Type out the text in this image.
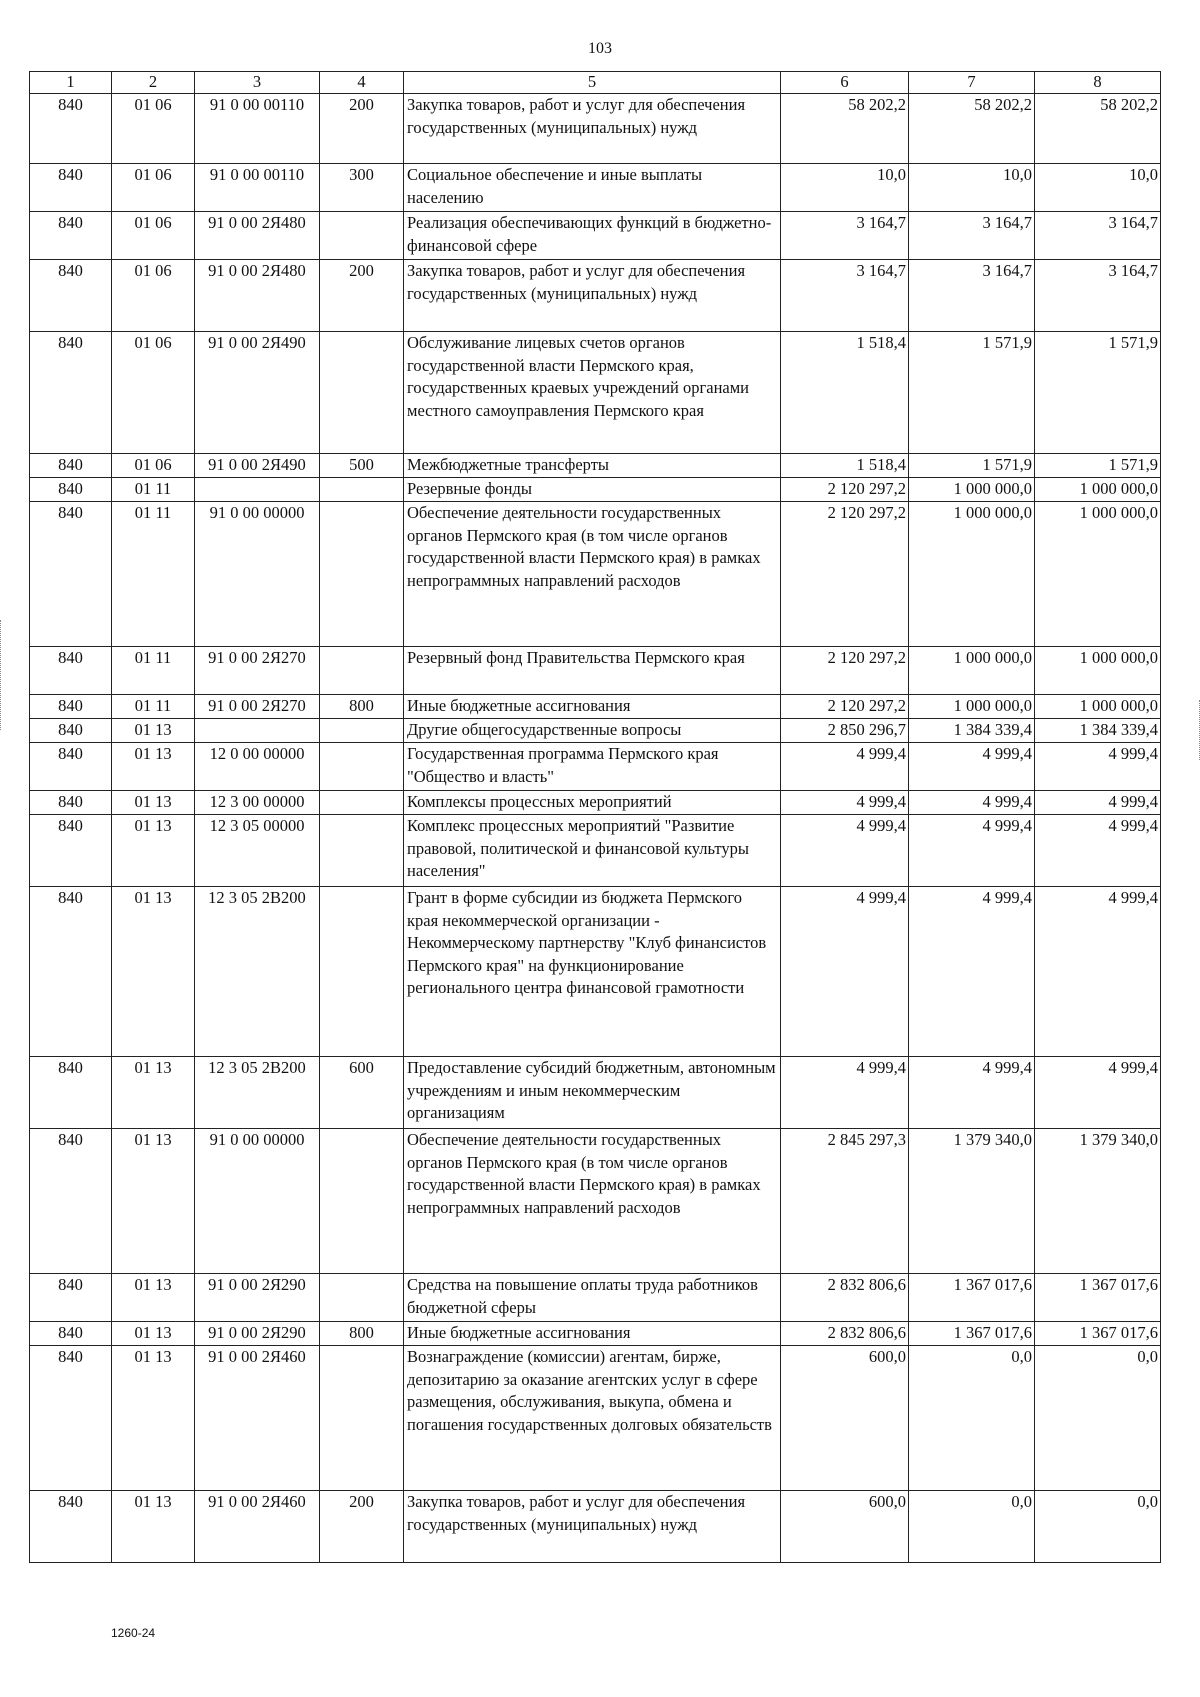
103
1	2	3	4	5	6	7	8
840	01 06	91 0 00 00110	200	Закупка товаров, работ и услуг для обеспечения государственных (муниципальных) нужд	58 202,2	58 202,2	58 202,2
840	01 06	91 0 00 00110	300	Социальное обеспечение и иные выплаты населению	10,0	10,0	10,0
840	01 06	91 0 00 2Я480		Реализация обеспечивающих функций в бюджетно-финансовой сфере	3 164,7	3 164,7	3 164,7
840	01 06	91 0 00 2Я480	200	Закупка товаров, работ и услуг для обеспечения государственных (муниципальных) нужд	3 164,7	3 164,7	3 164,7
840	01 06	91 0 00 2Я490		Обслуживание лицевых счетов органов государственной власти Пермского края, государственных краевых учреждений органами местного самоуправления Пермского края	1 518,4	1 571,9	1 571,9
840	01 06	91 0 00 2Я490	500	Межбюджетные трансферты	1 518,4	1 571,9	1 571,9
840	01 11			Резервные фонды	2 120 297,2	1 000 000,0	1 000 000,0
840	01 11	91 0 00 00000		Обеспечение деятельности государственных органов Пермского края (в том числе органов государственной власти Пермского края) в рамках непрограммных направлений расходов	2 120 297,2	1 000 000,0	1 000 000,0
840	01 11	91 0 00 2Я270		Резервный фонд Правительства Пермского края	2 120 297,2	1 000 000,0	1 000 000,0
840	01 11	91 0 00 2Я270	800	Иные бюджетные ассигнования	2 120 297,2	1 000 000,0	1 000 000,0
840	01 13			Другие общегосударственные вопросы	2 850 296,7	1 384 339,4	1 384 339,4
840	01 13	12 0 00 00000		Государственная программа Пермского края "Общество и власть"	4 999,4	4 999,4	4 999,4
840	01 13	12 3 00 00000		Комплексы процессных мероприятий	4 999,4	4 999,4	4 999,4
840	01 13	12 3 05 00000		Комплекс процессных мероприятий "Развитие правовой, политической и финансовой культуры населения"	4 999,4	4 999,4	4 999,4
840	01 13	12 3 05 2В200		Грант в форме субсидии из бюджета Пермского края некоммерческой организации - Некоммерческому партнерству "Клуб финансистов Пермского края" на функционирование регионального центра финансовой грамотности	4 999,4	4 999,4	4 999,4
840	01 13	12 3 05 2В200	600	Предоставление субсидий бюджетным, автономным учреждениям и иным некоммерческим организациям	4 999,4	4 999,4	4 999,4
840	01 13	91 0 00 00000		Обеспечение деятельности государственных органов Пермского края (в том числе органов государственной власти Пермского края) в рамках непрограммных направлений расходов	2 845 297,3	1 379 340,0	1 379 340,0
840	01 13	91 0 00 2Я290		Средства на повышение оплаты труда работников бюджетной сферы	2 832 806,6	1 367 017,6	1 367 017,6
840	01 13	91 0 00 2Я290	800	Иные бюджетные ассигнования	2 832 806,6	1 367 017,6	1 367 017,6
840	01 13	91 0 00 2Я460		Вознаграждение (комиссии) агентам, бирже, депозитарию за оказание агентских услуг в сфере размещения, обслуживания, выкупа, обмена и погашения государственных долговых обязательств	600,0	0,0	0,0
840	01 13	91 0 00 2Я460	200	Закупка товаров, работ и услуг для обеспечения государственных (муниципальных) нужд	600,0	0,0	0,0
1260-24
